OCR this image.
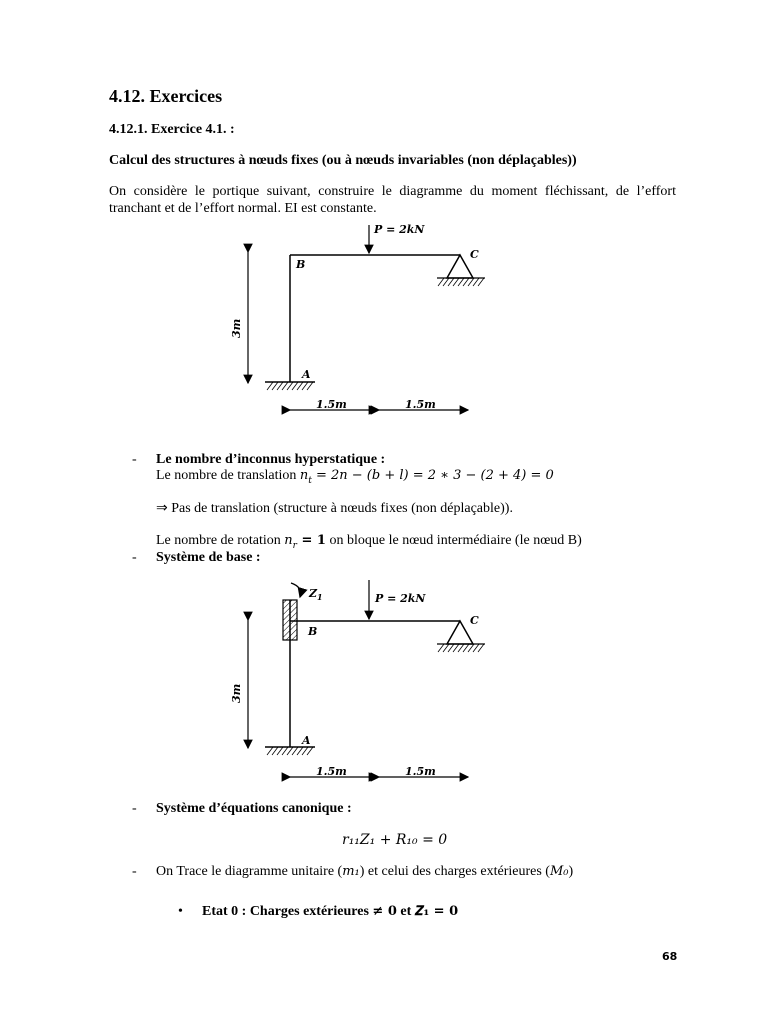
4.12. Exercices
4.12.1. Exercice 4.1. :
Calcul des structures à nœuds fixes (ou à nœuds invariables (non déplaçables))
On considère le portique suivant, construire le diagramme du moment fléchissant, de l’effort tranchant et de l’effort normal. EI est constante.
P = 2kN
A
B
C
3m
1.5m	1.5m
- Le nombre d’inconnus hyperstatique :
Le nombre de translation $n_t = 2n - (b + l) = 2$ ∗ 3 − (2 + 4) = 0
⇒ Pas de translation (structure à nœuds fixes (non déplaçable)).
Le nombre de rotation $n_r = 1$ on bloque le nœud intermédiaire (le nœud B)
- Système de base :
$Z_1$	P = 2kN
A
B
C
3m
1.5m	1.5m
- Système d’équations canonique :
r₁₁Z₁ + R₁₀ = 0
- On Trace le diagramme unitaire (m₁) et celui des charges extérieures (M₀)
• Etat 0 : Charges extérieures ≠ 𝟎 et 𝒁₁ = 𝟎
68
